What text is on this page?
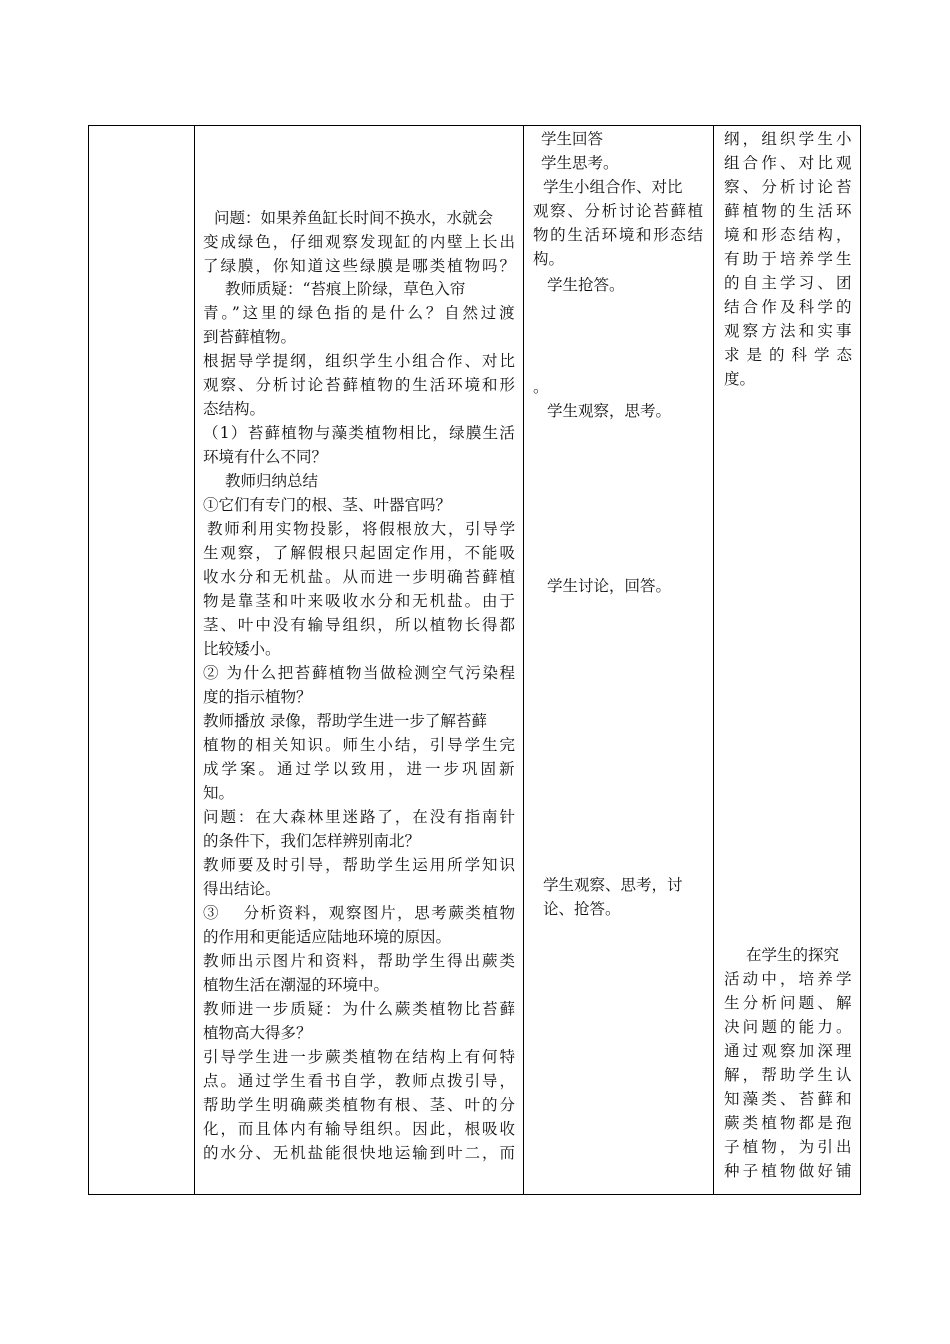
问题：如果养鱼缸长时间不换水，水就会
变成绿色，仔细观察发现缸的内壁上长出
了绿膜，你知道这些绿膜是哪类植物吗？
教师质疑：“苔痕上阶绿，草色入帘
青。”这里的绿色指的是什么？自然过渡
到苔藓植物。
根据导学提纲，组织学生小组合作、对比
观察、分析讨论苔藓植物的生活环境和形
态结构。
（1）苔藓植物与藻类植物相比，绿膜生活
环境有什么不同？
教师归纳总结
①它们有专门的根、茎、叶器官吗？
教师利用实物投影，将假根放大，引导学
生观察，了解假根只起固定作用，不能吸
收水分和无机盐。从而进一步明确苔藓植
物是靠茎和叶来吸收水分和无机盐。由于
茎、叶中没有输导组织，所以植物长得都
比较矮小。
② 为什么把苔藓植物当做检测空气污染程
度的指示植物？
教师播放 录像，帮助学生进一步了解苔藓
植物的相关知识。师生小结，引导学生完
成学案。通过学以致用，进一步巩固新
知。
问题：在大森林里迷路了，在没有指南针
的条件下，我们怎样辨别南北？
教师要及时引导，帮助学生运用所学知识
得出结论。
③　 分析资料，观察图片，思考蕨类植物
的作用和更能适应陆地环境的原因。
教师出示图片和资料，帮助学生得出蕨类
植物生活在潮湿的环境中。
教师进一步质疑：为什么蕨类植物比苔藓
植物高大得多？
引导学生进一步蕨类植物在结构上有何特
点。通过学生看书自学，教师点拨引导，
帮助学生明确蕨类植物有根、茎、叶的分
化，而且体内有输导组织。因此，根吸收
的水分、无机盐能很快地运输到叶二，而
学生回答
学生思考。
学生小组合作、对比
观察、分析讨论苔藓植
物的生活环境和形态结
构。
学生抢答。
。
学生观察，思考。
学生讨论，回答。
学生观察、思考，讨
论、抢答。
纲，组织学生小
组合作、对比观
察、分析讨论苔
藓植物的生活环
境和形态结构，
有助于培养学生
的自主学习、团
结合作及科学的
观察方法和实事
求是的科学态
度。
在学生的探究
活动中，培养学
生分析问题、解
决问题的能力。
通过观察加深理
解，帮助学生认
知藻类、苔藓和
蕨类植物都是孢
子植物，为引出
种子植物做好铺
